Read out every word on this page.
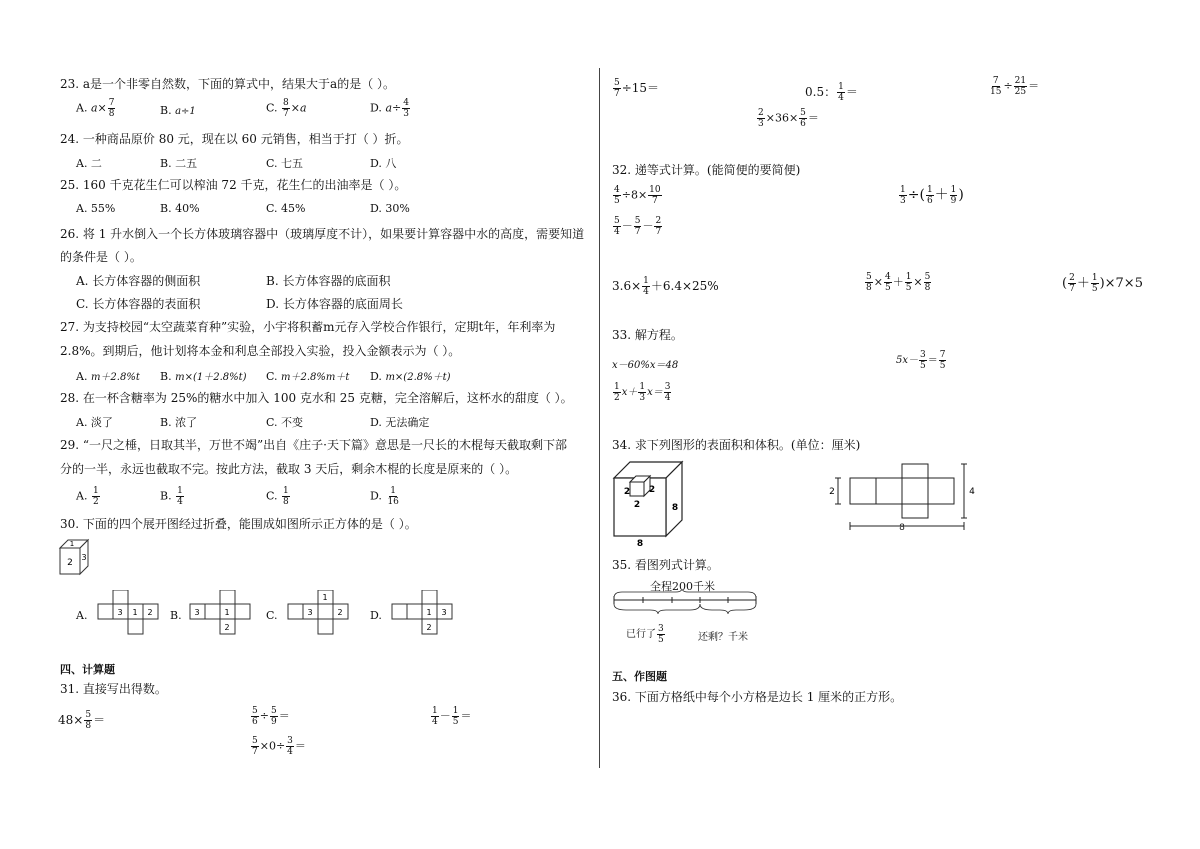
23. a是一个非零自然数，下面的算式中，结果大于a的是（ ）。
A. $a\times \frac{7}{8}$	B. a÷1	C. $\frac{8}{7} \times a$	D. $a\div \frac{4}{3}$
24. 一种商品原价 80 元，现在以 60 元销售，相当于打（ ）折。
A. 二	B. 二五	C. 七五	D. 八
25. 160 千克花生仁可以榨油 72 千克，花生仁的出油率是（ ）。
A. 55%	B. 40%	C. 45%	D. 30%
26. 将 1 升水倒入一个长方体玻璃容器中（玻璃厚度不计），如果要计算容器中水的高度，需要知道
的条件是（ ）。
A. 长方体容器的侧面积	B. 长方体容器的底面积
C. 长方体容器的表面积	D. 长方体容器的底面周长
27. 为支持校园“太空蔬菜育种”实验，小宇将积蓄m元存入学校合作银行，定期t年，年利率为
2.8%。到期后，他计划将本金和利息全部投入实验，投入金额表示为（ ）。
A. m＋2.8%t B. m×(1＋2.8%t) C. m＋2.8%m＋t D. m×(2.8%＋t)
28. 在一杯含糖率为 25%的糖水中加入 100 克水和 25 克糖，完全溶解后，这杯水的甜度（ ）。
A. 淡了	B. 浓了	C. 不变	D. 无法确定
29. “一尺之棰，日取其半，万世不竭”出自《庄子·天下篇》意思是一尺长的木棍每天截取剩下部
分的一半，永远也截取不完。按此方法，截取 3 天后，剩余木棍的长度是原来的（ ）。
A. $\frac{1}{2}$	B. $\frac{1}{4}$	C. $\frac{1}{8}$	D. $\frac{1}{16}$
30. 下面的四个展开图经过折叠，能围成如图所示正方体的是（ ）。
1
2
3
A.	3 1 2 B. 3	1
2
C.	3
1
2 D.	1 3
2
四、计算题
31. 直接写出得数。
$48\times \frac{5}{8}$ ＝	$\frac{5}{6} \div \frac{5}{9}$ ＝	$\frac{1}{4} - \frac{1}{5}$ ＝
$\frac{5}{7} \times 0\div \frac{3}{4}$ ＝
$\frac{5}{7} \div 15=$	0.5： $\frac{1}{4}$ ＝	$\frac{7}{15} \div \frac{21}{25}$ ＝
$\frac{2}{3} \times 36\times \frac{5}{6}$ ＝
32. 递等式计算。(能简便的要简便)
$\frac{4}{5} \div 8\times \frac{10}{7}$	$\frac{1}{3}$ ÷( $\frac{1}{6} + \frac{1}{9}$ )
$\frac{5}{4} - \frac{5}{7} - \frac{2}{7}$
$3.6\times \frac{1}{4} +6.4\times 25\%$	$\frac{5}{8} \times \frac{4}{5} + \frac{1}{5} \times \frac{5}{8}$	( $\frac{2}{7} + \frac{1}{5} )\times 7\times 5$
33. 解方程。
x－60%x＝48	$5x- \frac{3}{5} = \frac{7}{5}$
$\frac{1}{2} x+ \frac{1}{3} x= \frac{3}{4}$
34. 求下列图形的表面积和体积。(单位：厘米)
2 2
2	8
8
2	4
8
35. 看图列式计算。
全程200千米
已行了 $\frac{3}{5}$	还剩？千米
五、作图题
36. 下面方格纸中每个小方格是边长 1 厘米的正方形。
